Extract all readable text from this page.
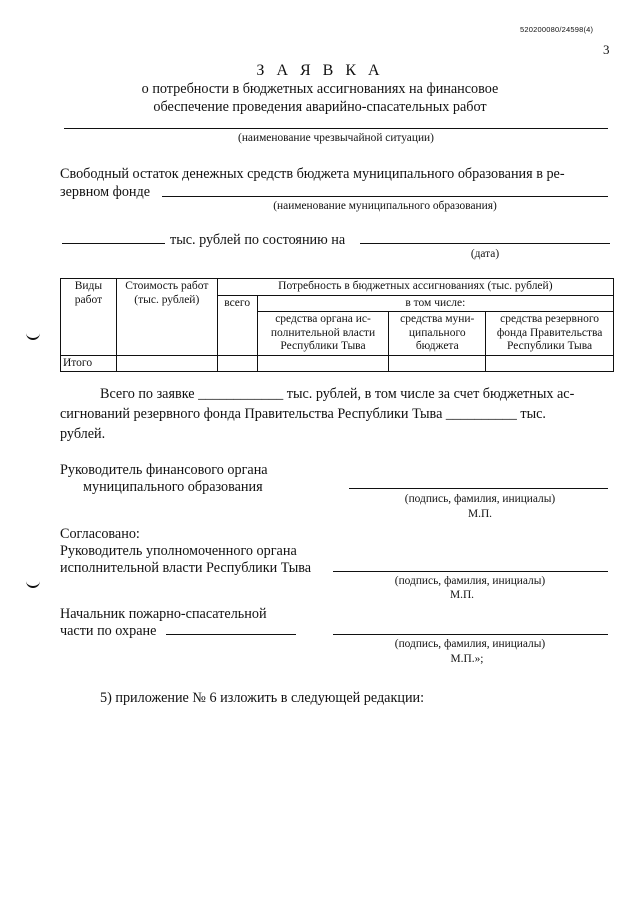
520200080/24598(4)
3
З А Я В К А
о потребности в бюджетных ассигнованиях на финансовое
обеспечение проведения аварийно-спасательных работ
(наименование чрезвычайной ситуации)
Свободный остаток денежных средств бюджета муниципального образования в ре-
зервном фонде
(наименование муниципального образования)
тыс. рублей по состоянию на
(дата)
Виды работ	Стоимость работ (тыс. рублей)	Потребность в бюджетных ассигнованиях (тыс. рублей)			
		всего	в том числе:		
			средства органа ис-полнительной власти Республики Тыва	средства муни-ципального бюджета	средства резервного фонда Правительства Республики Тыва
Итого					
Всего по заявке ____________ тыс. рублей, в том числе за счет бюджетных ас-
сигнований резервного фонда Правительства Республики Тыва __________ тыс.
рублей.
Руководитель финансового органа
муниципального образования
(подпись, фамилия, инициалы)
М.П.
Согласовано:
Руководитель уполномоченного органа
исполнительной власти Республики Тыва
(подпись, фамилия, инициалы)
М.П.
Начальник пожарно-спасательной
части по охране
(подпись, фамилия, инициалы)
М.П.»;
5) приложение № 6 изложить в следующей редакции:
